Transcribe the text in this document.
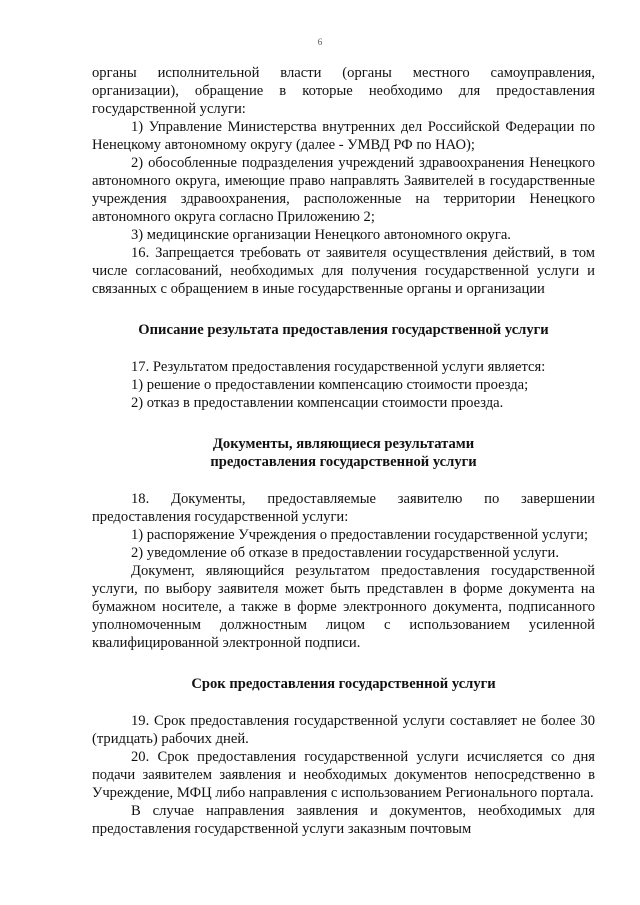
6

органы исполнительной власти (органы местного самоуправления, организации), обращение в которые необходимо для предоставления государственной услуги:

1) Управление Министерства внутренних дел Российской Федерации по Ненецкому автономному округу (далее - УМВД РФ по НАО);

2) обособленные подразделения учреждений здравоохранения Ненецкого автономного округа, имеющие право направлять Заявителей в государственные учреждения здравоохранения, расположенные на территории Ненецкого автономного округа согласно Приложению 2;

3) медицинские организации Ненецкого автономного округа.

16. Запрещается требовать от заявителя осуществления действий, в том числе согласований, необходимых для получения государственной услуги и связанных с обращением в иные государственные органы и организации

Описание результата предоставления государственной услуги

17. Результатом предоставления государственной услуги является:

1) решение о предоставлении компенсацию стоимости проезда;

2) отказ в предоставлении компенсации стоимости проезда.

Документы, являющиеся результатами

предоставления государственной услуги

18. Документы, предоставляемые заявителю по завершении предоставления государственной услуги:

1) распоряжение Учреждения о предоставлении государственной услуги;

2) уведомление об отказе в предоставлении государственной услуги.

Документ, являющийся результатом предоставления государственной услуги, по выбору заявителя может быть представлен в форме документа на бумажном носителе, а также в форме электронного документа, подписанного уполномоченным должностным лицом с использованием усиленной квалифицированной электронной подписи.

Срок предоставления государственной услуги

19. Срок предоставления государственной услуги составляет не более 30 (тридцать) рабочих дней.

20. Срок предоставления государственной услуги исчисляется со дня подачи заявителем заявления и необходимых документов непосредственно в Учреждение, МФЦ либо направления с использованием Регионального портала.

В случае направления заявления и документов, необходимых для предоставления государственной услуги заказным почтовым
